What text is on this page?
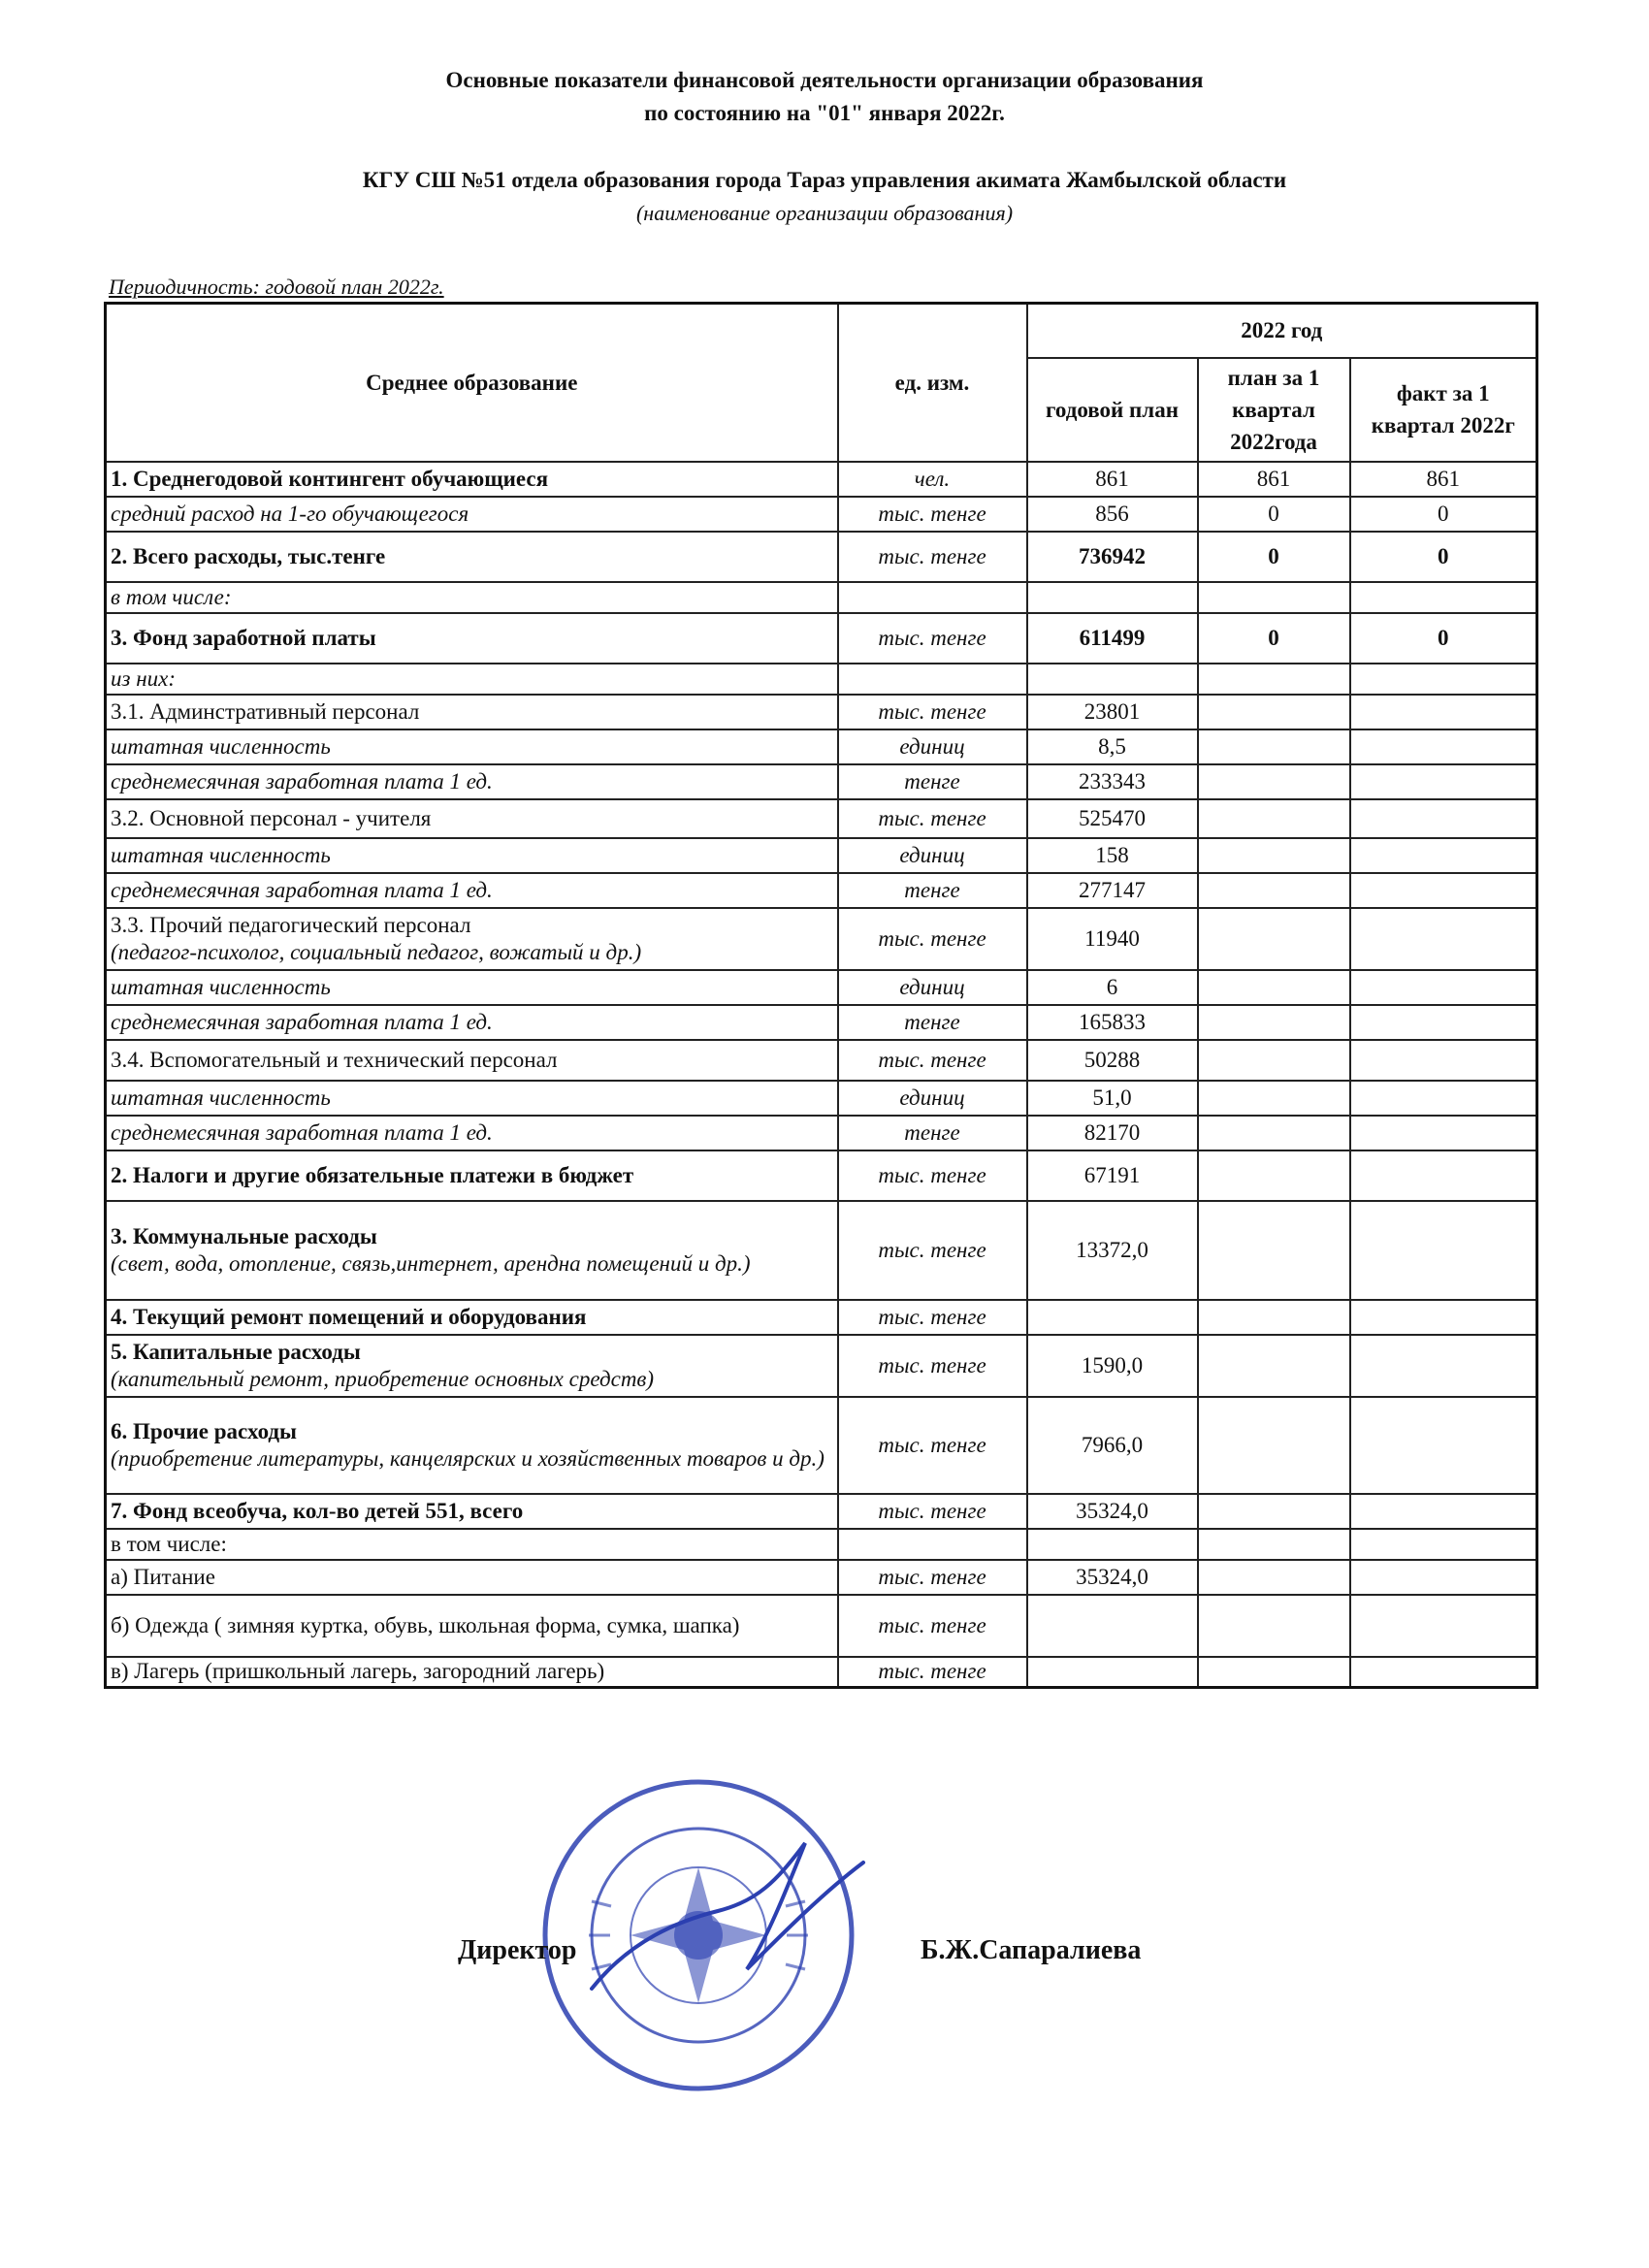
Основные показатели финансовой деятельности организации образования
по состоянию на "01" января 2022г.
КГУ СШ №51 отдела образования города Тараз управления акимата Жамбылской области
(наименование организации образования)
Периодичность: годовой план 2022г.
Среднее образование	ед. изм.	2022 год		
		годовой план	план за 1 квартал 2022года	факт за 1 квартал 2022г
1. Среднегодовой контингент обучающиеся	чел.	861	861	861
средний расход на 1-го обучающегося	тыс. тенге	856	0	0
2. Всего расходы, тыс.тенге	тыс. тенге	736942	0	0
в том числе:				
3. Фонд заработной платы	тыс. тенге	611499	0	0
из них:				
3.1. Админстративный персонал	тыс. тенге	23801		
штатная численность	единиц	8,5		
среднемесячная заработная плата 1 ед.	тенге	233343		
3.2. Основной персонал - учителя	тыс. тенге	525470		
штатная численность	единиц	158		
среднемесячная заработная плата 1 ед.	тенге	277147		
3.3. Прочий педагогический персонал
(педагог-психолог, социальный педагог, вожатый и др.)	тыс. тенге	11940		
штатная численность	единиц	6		
среднемесячная заработная плата 1 ед.	тенге	165833		
3.4. Вспомогательный и технический персонал	тыс. тенге	50288		
штатная численность	единиц	51,0		
среднемесячная заработная плата 1 ед.	тенге	82170		
2. Налоги и другие обязательные платежи в бюджет	тыс. тенге	67191		
3. Коммунальные расходы
(свет, вода, отопление, связь,интернет, арендна помещений и др.)	тыс. тенге	13372,0		
4. Текущий ремонт помещений и оборудования	тыс. тенге			
5. Капитальные расходы
(капительный ремонт, приобретение основных средств)	тыс. тенге	1590,0		
6. Прочие расходы
(приобретение литературы, канцелярских и хозяйственных товаров и др.)	тыс. тенге	7966,0		
7. Фонд всеобуча, кол-во детей 551, всего	тыс. тенге	35324,0		
в том числе:				
а) Питание	тыс. тенге	35324,0		
б) Одежда ( зимняя куртка, обувь, школьная форма, сумка, шапка)	тыс. тенге			
в) Лагерь (пришкольный лагерь, загородний лагерь)	тыс. тенге			
Директор	Б.Ж.Сапаралиева
